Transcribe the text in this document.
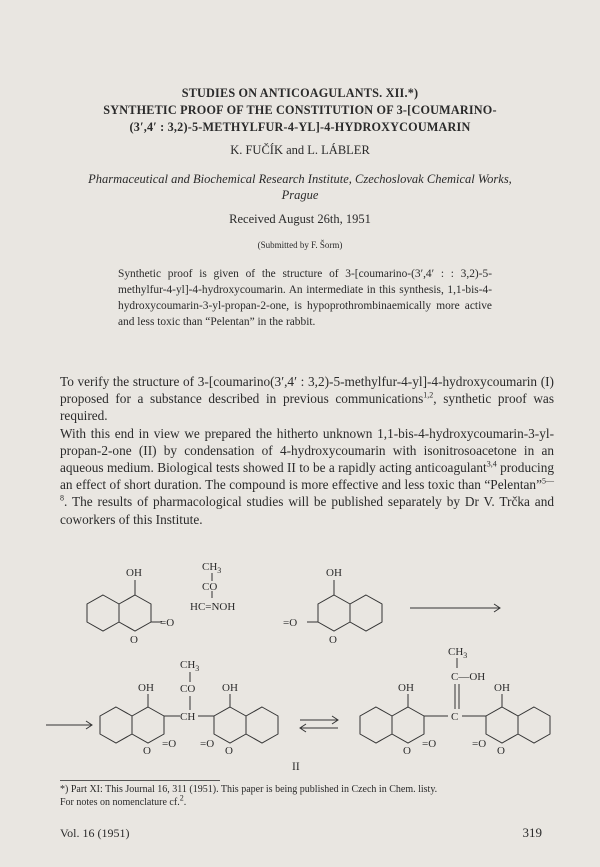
STUDIES ON ANTICOAGULANTS. XII.*)
SYNTHETIC PROOF OF THE CONSTITUTION OF 3-[COUMARINO-
(3′,4′ : 3,2)-5-METHYLFUR-4-YL]-4-HYDROXYCOUMARIN
K. FUČÍK and L. LÁBLER
Pharmaceutical and Biochemical Research Institute, Czechoslovak Chemical Works,
Prague
Received August 26th, 1951
(Submitted by F. Šorm)
Synthetic proof is given of the structure of 3-[coumarino-(3′,4′ : : 3,2)-5-methylfur-4-yl]-4-hydroxycoumarin. An intermediate in this synthesis, 1,1-bis-4-hydroxycoumarin-3-yl-propan-2-one, is hypoprothrombinaemically more active and less toxic than “Pelentan” in the rabbit.

To verify the structure of 3-[coumarino(3′,4′ : 3,2)-5-methylfur-4-yl]-4-hydroxycoumarin (I) proposed for a substance described in previous communications$^{1,2}$, synthetic proof was required.

With this end in view we prepared the hitherto unknown 1,1-bis-4-hydroxycoumarin-3-yl-propan-2-one (II) by condensation of 4-hydroxycoumarin with isonitrosoacetone in an aqueous medium. Biological tests showed II to be a rapidly acting anticoagulant$^{3,4}$ producing an effect of short duration. The compound is more effective and less toxic than “Pelentan”$^{5—8}$. The results of pharmacological studies will be published separately by Dr V. Trčka and coworkers of this Institute.

OH
O
=O
$CH_3$
CO
HC=NOH
OH
O
=O
$CH_3$
CO
CH
OH	OH
O
=O
O
=O
$CH_3$
C—OH
C
OH	OH
O
=O
O
=O
II
*) Part XI: This Journal 16, 311 (1951). This paper is being published in Czech in Chem. listy.
For notes on nomenclature cf.$^2$.
Vol. 16 (1951)	319
